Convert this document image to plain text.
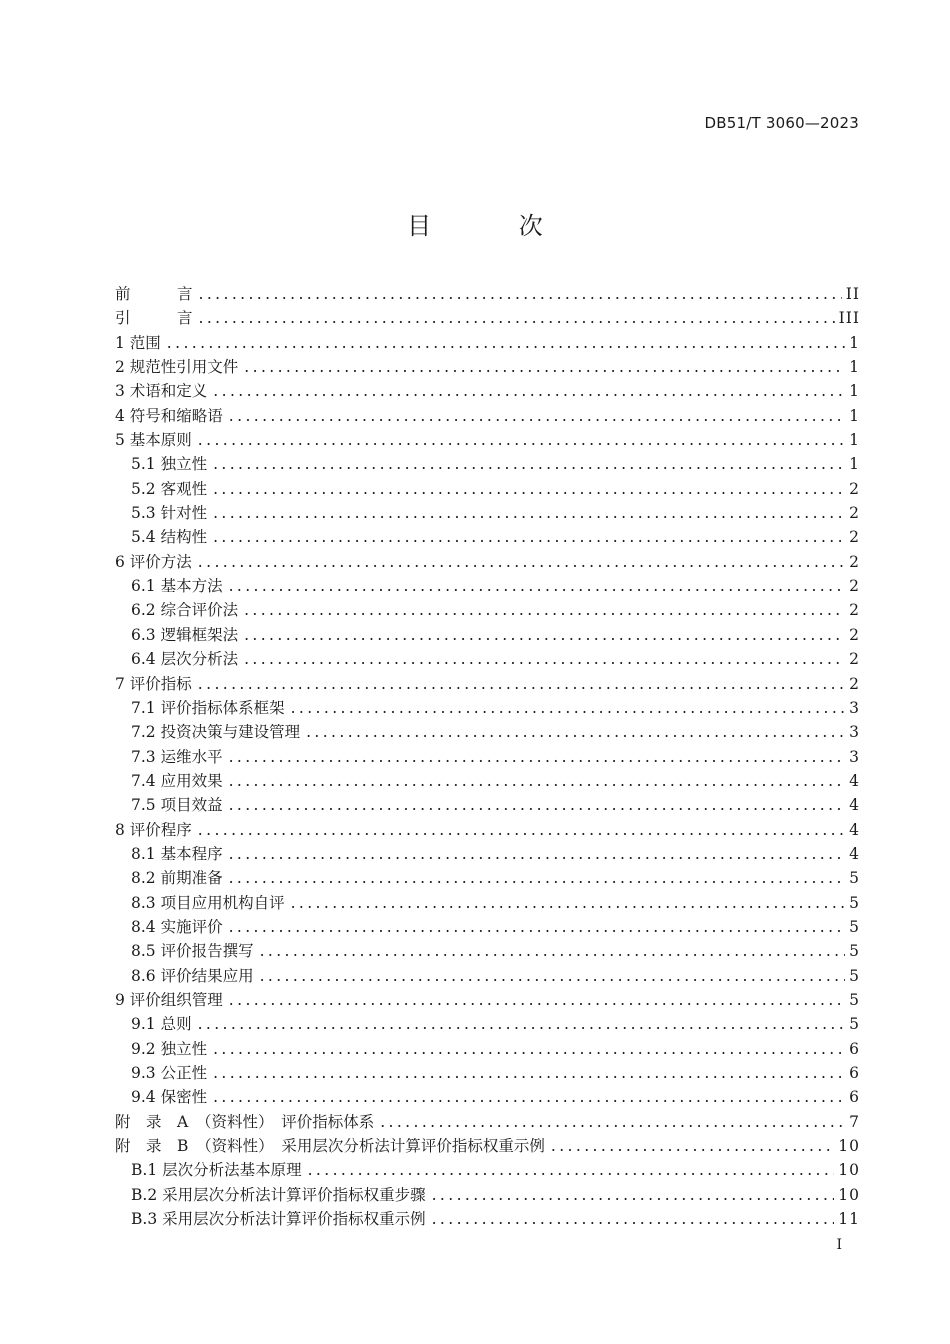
DB51/T 3060—2023
目 次
前　　　言 .....	II
引　　　言 .....	III
1 范围 .....	1
2 规范性引用文件 .....	1
3 术语和定义 .....	1
4 符号和缩略语 .....	1
5 基本原则 .....	1
5.1 独立性 .....	1
5.2 客观性 .....	2
5.3 针对性 .....	2
5.4 结构性 .....	2
6 评价方法 .....	2
6.1 基本方法 .....	2
6.2 综合评价法 .....	2
6.3 逻辑框架法 .....	2
6.4 层次分析法 .....	2
7 评价指标 .....	2
7.1 评价指标体系框架 .....	3
7.2 投资决策与建设管理 .....	3
7.3 运维水平 .....	3
7.4 应用效果 .....	4
7.5 项目效益 .....	4
8 评价程序 .....	4
8.1 基本程序 .....	4
8.2 前期准备 .....	5
8.3 项目应用机构自评 .....	5
8.4 实施评价 .....	5
8.5 评价报告撰写 .....	5
8.6 评价结果应用 .....	5
9 评价组织管理 .....	5
9.1 总则 .....	5
9.2 独立性 .....	6
9.3 公正性 .....	6
9.4 保密性 .....	6
附　录　A　（资料性）　评价指标体系 .....	7
附　录　B　（资料性）　采用层次分析法计算评价指标权重示例 .....	10
B.1 层次分析法基本原理 .....	10
B.2 采用层次分析法计算评价指标权重步骤 .....	10
B.3 采用层次分析法计算评价指标权重示例 .....	11
I
